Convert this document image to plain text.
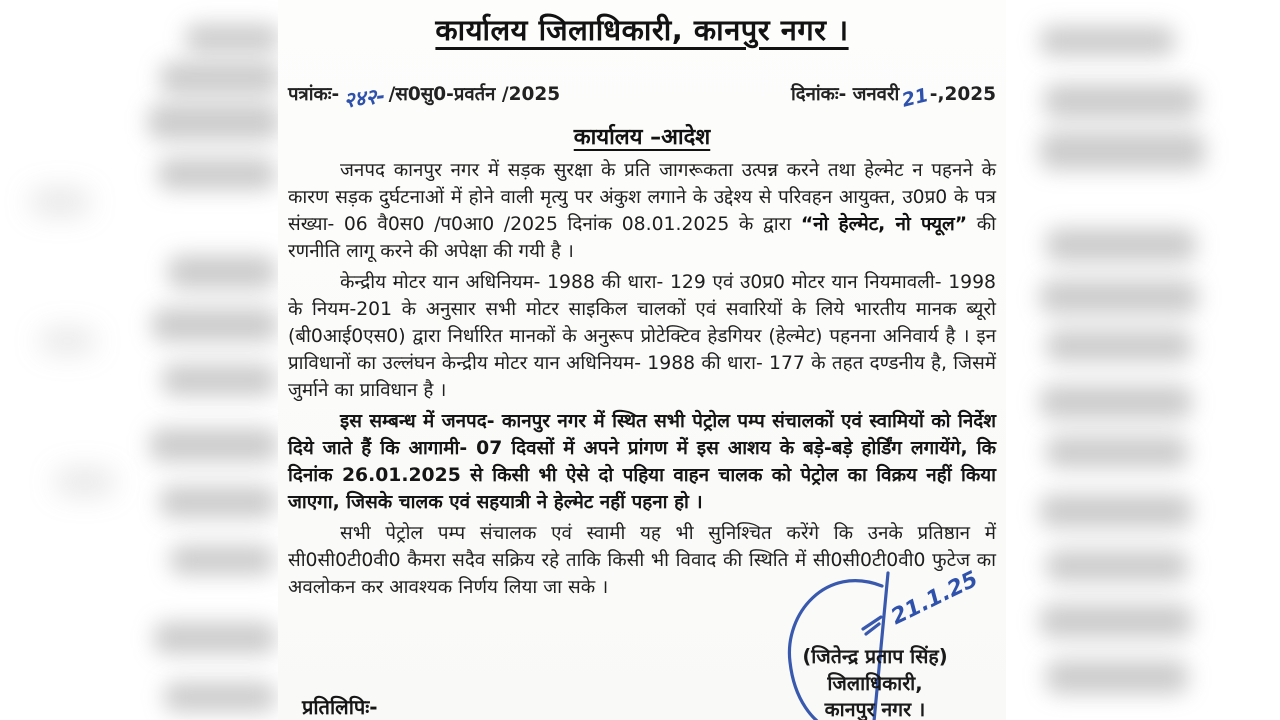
कार्यालय जिलाधिकारी, कानपुर नगर ।
पत्रांकः- २४२- /स0सु0-प्रवर्तन /2025	दिनांकः- जनवरी21-,2025
कार्यालय –आदेश

जनपद कानपुर नगर में सड़क सुरक्षा के प्रति जागरूकता उत्पन्न करने तथा हेल्मेट न पहनने के कारण सड़क दुर्घटनाओं में होने वाली मृत्यु पर अंकुश लगाने के उद्देश्य से परिवहन आयुक्त, उ0प्र0 के पत्र संख्या- 06 वै0स0 /प0आ0 /2025 दिनांक 08.01.2025 के द्वारा “नो हेल्मेट, नो फ्यूल” की रणनीति लागू करने की अपेक्षा की गयी है ।

केन्द्रीय मोटर यान अधिनियम- 1988 की धारा- 129 एवं उ0प्र0 मोटर यान नियमावली- 1998 के नियम-201 के अनुसार सभी मोटर साइकिल चालकों एवं सवारियों के लिये भारतीय मानक ब्यूरो (बी0आई0एस0) द्वारा निर्धारित मानकों के अनुरूप प्रोटेक्टिव हेडगियर (हेल्मेट) पहनना अनिवार्य है । इन प्राविधानों का उल्लंघन केन्द्रीय मोटर यान अधिनियम- 1988 की धारा- 177 के तहत दण्डनीय है, जिसमें जुर्माने का प्राविधान है ।

इस सम्बन्ध में जनपद- कानपुर नगर में स्थित सभी पेट्रोल पम्प संचालकों एवं स्वामियों को निर्देश दिये जाते हैं कि आगामी- 07 दिवसों में अपने प्रांगण में इस आशय के बड़े-बड़े होर्डिंग लगायेंगे, कि दिनांक 26.01.2025 से किसी भी ऐसे दो पहिया वाहन चालक को पेट्रोल का विक्रय नहीं किया जाएगा, जिसके चालक एवं सहयात्री ने हेल्मेट नहीं पहना हो ।

सभी पेट्रोल पम्प संचालक एवं स्वामी यह भी सुनिश्चित करेंगे कि उनके प्रतिष्ठान में सी0सी0टी0वी0 कैमरा सदैव सक्रिय रहे ताकि किसी भी विवाद की स्थिति में सी0सी0टी0वी0 फुटेज का अवलोकन कर आवश्यक निर्णय लिया जा सके ।	21.1.25
(जितेन्द्र प्रताप सिंह)
जिलाधिकारी,
कानपुर नगर ।
प्रतिलिपिः-
